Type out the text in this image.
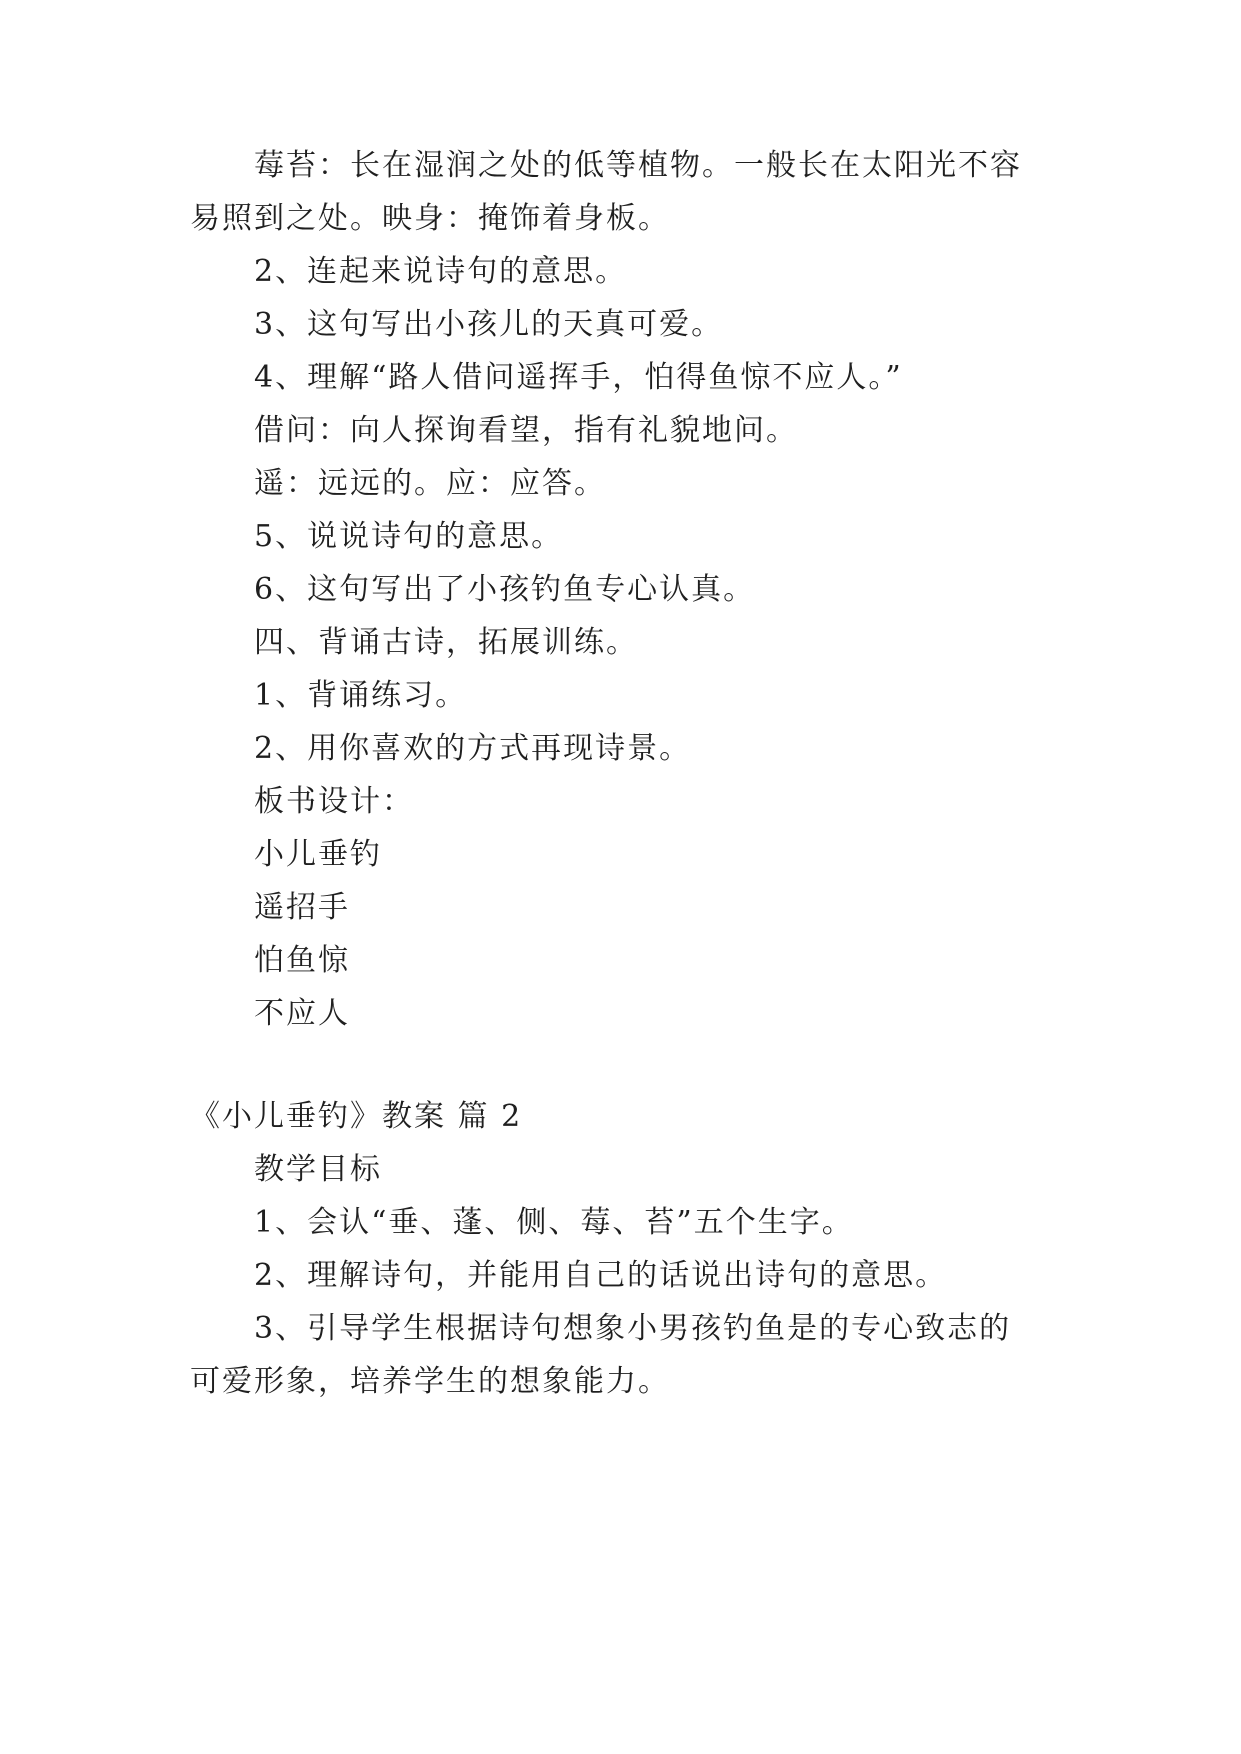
莓苔：长在湿润之处的低等植物。一般长在太阳光不容
易照到之处。映身：掩饰着身板。
2、连起来说诗句的意思。
3、这句写出小孩儿的天真可爱。
4、理解“路人借问遥挥手，怕得鱼惊不应人。”
借问：向人探询看望，指有礼貌地问。
遥：远远的。应：应答。
5、说说诗句的意思。
6、这句写出了小孩钓鱼专心认真。
四、背诵古诗，拓展训练。
1、背诵练习。
2、用你喜欢的方式再现诗景。
板书设计：
小儿垂钓
遥招手
怕鱼惊
不应人
《小儿垂钓》教案 篇 2
教学目标
1、会认“垂、蓬、侧、莓、苔”五个生字。
2、理解诗句，并能用自己的话说出诗句的意思。
3、引导学生根据诗句想象小男孩钓鱼是的专心致志的
可爱形象，培养学生的想象能力。
